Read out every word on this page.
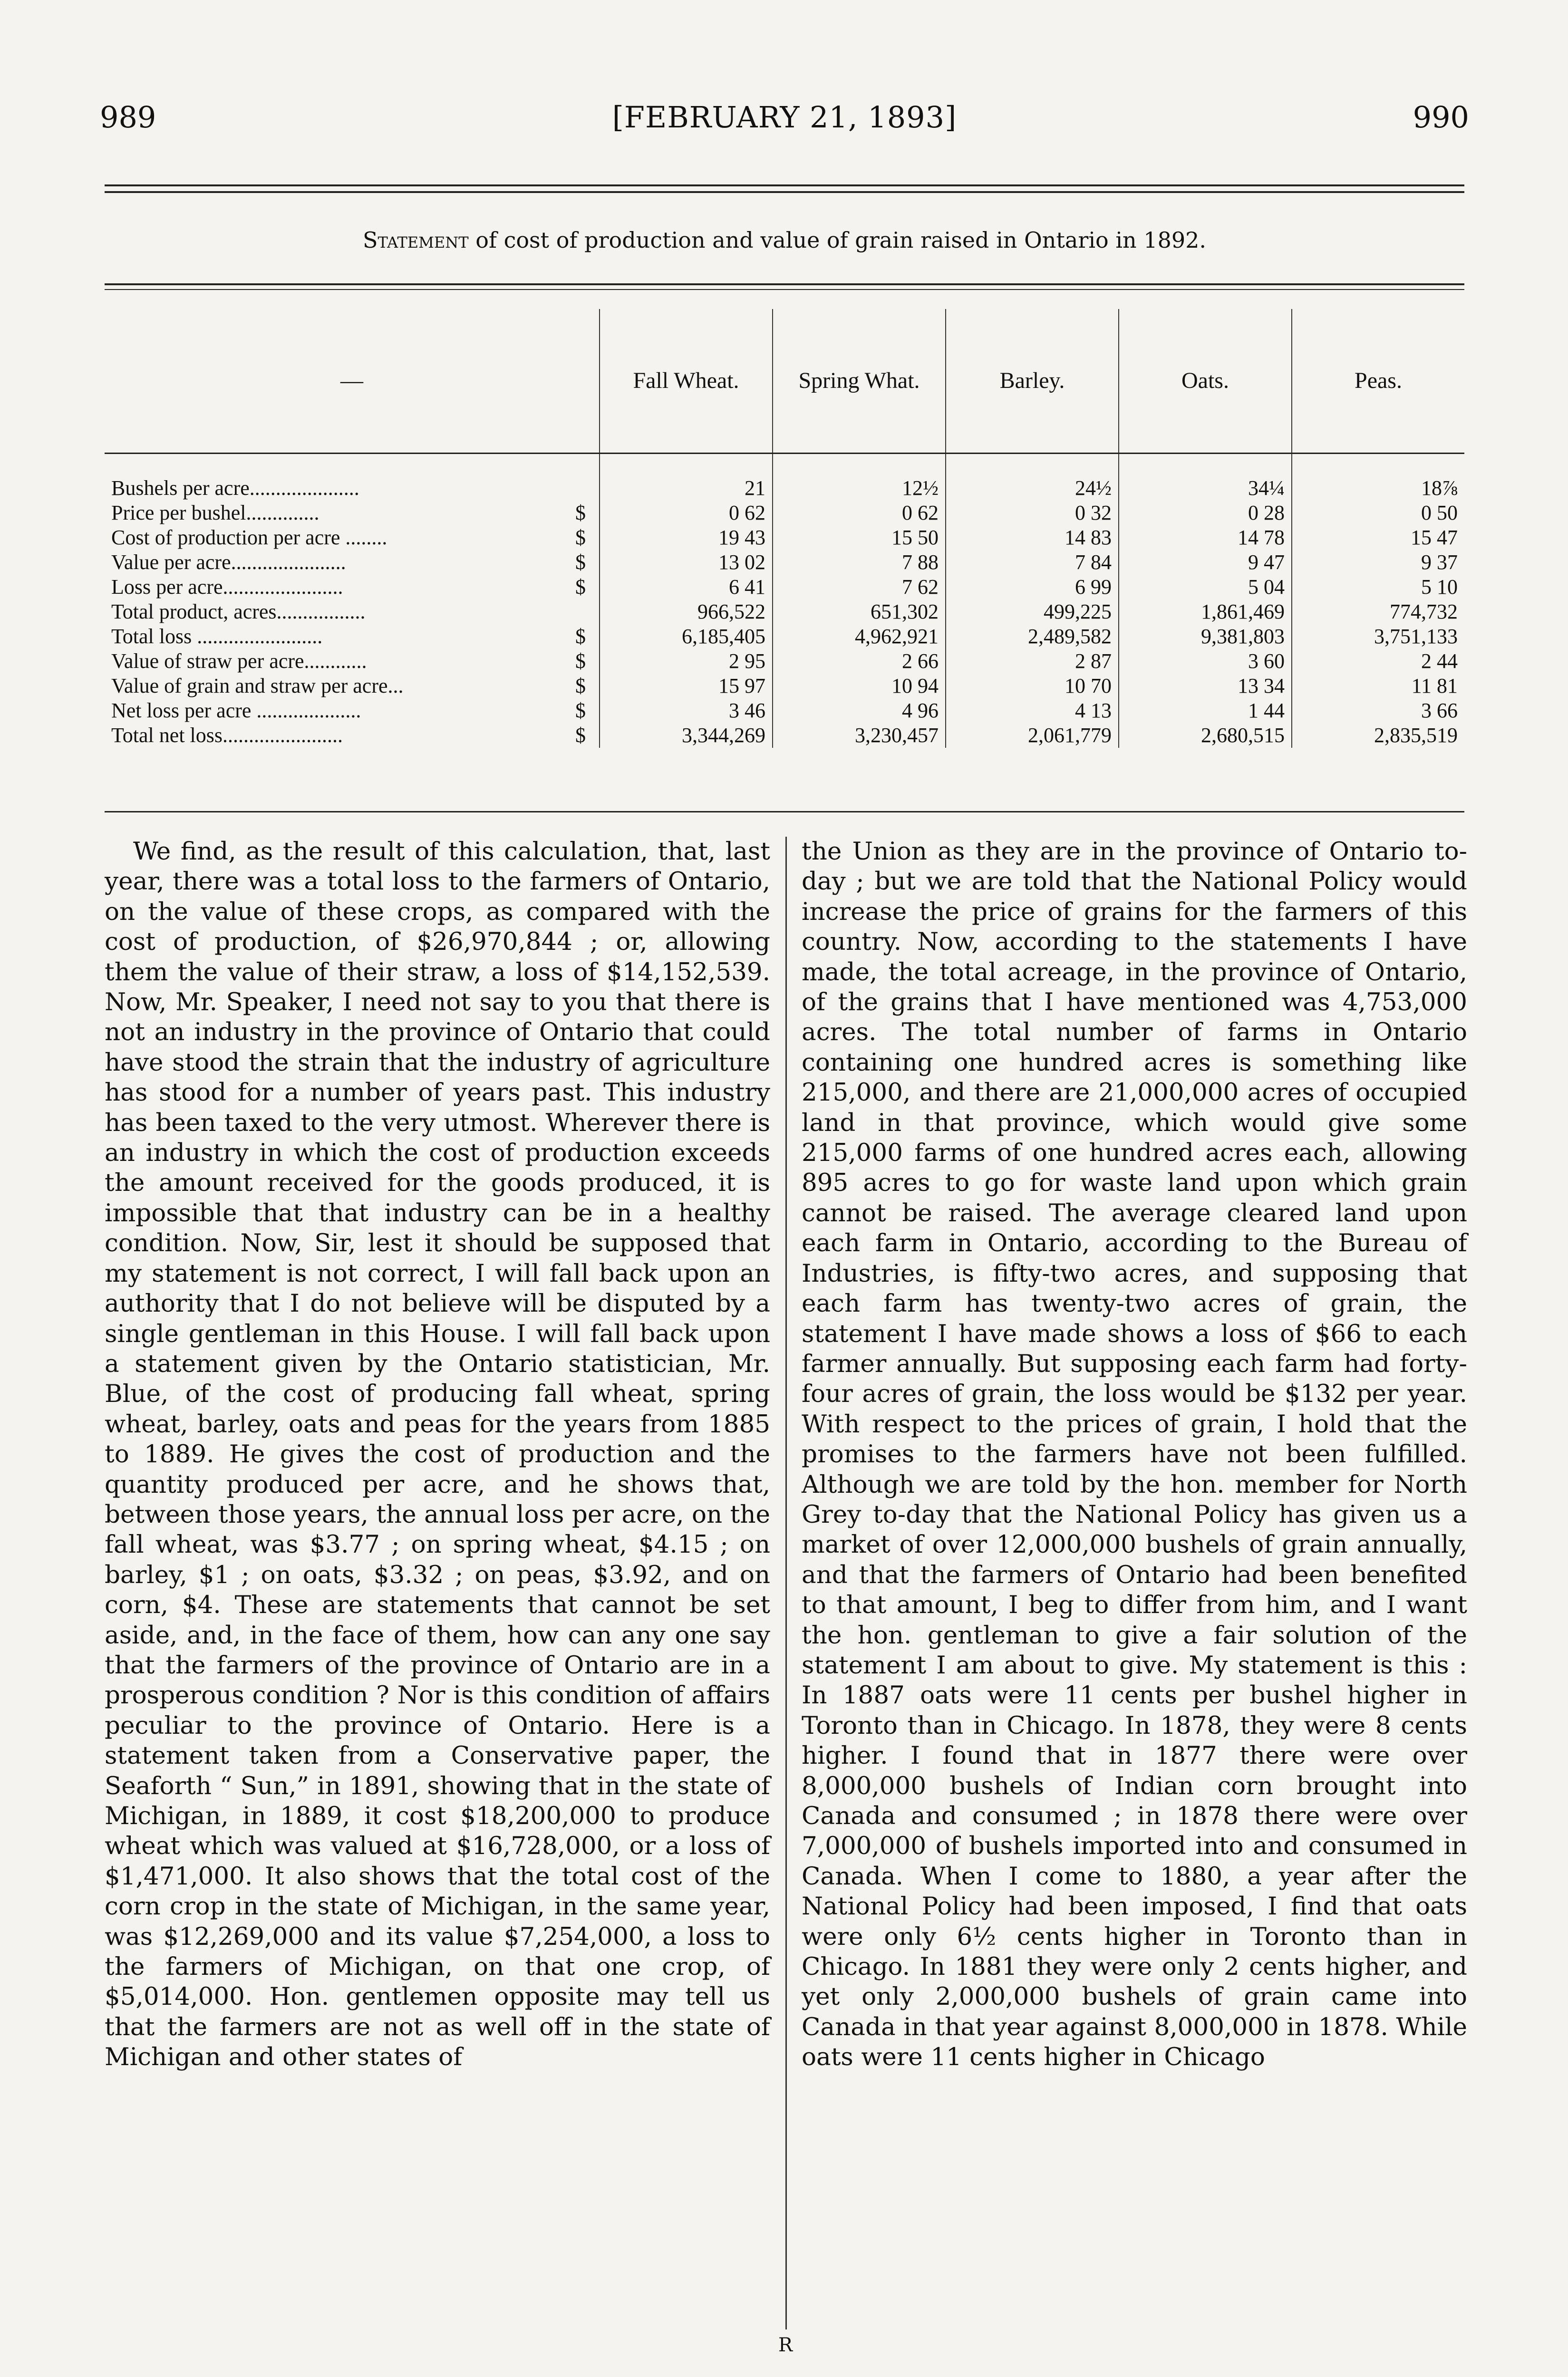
989	[FEBRUARY 21, 1893]	990
Statement of cost of production and value of grain raised in Ontario in 1892.
—		Fall Wheat.	Spring What.	Barley.	Oats.	Peas.
Bushels per acre.....................		21	12½	24½	34¼	18⅞
Price per bushel..............	$	0 62	0 62	0 32	0 28	0 50
Cost of production per acre ........	$	19 43	15 50	14 83	14 78	15 47
Value per acre......................	$	13 02	7 88	7 84	9 47	9 37
Loss per acre.......................	$	6 41	7 62	6 99	5 04	5 10
Total product, acres.................		966,522	651,302	499,225	1,861,469	774,732
Total loss ........................	$	6,185,405	4,962,921	2,489,582	9,381,803	3,751,133
Value of straw per acre............	$	2 95	2 66	2 87	3 60	2 44
Value of grain and straw per acre...	$	15 97	10 94	10 70	13 34	11 81
Net loss per acre ....................	$	3 46	4 96	4 13	1 44	3 66
Total net loss.......................	$	3,344,269	3,230,457	2,061,779	2,680,515	2,835,519

We find, as the result of this calculation, that, last year, there was a total loss to the farmers of Ontario, on the value of these crops, as compared with the cost of production, of $26,970,844 ; or, allowing them the value of their straw, a loss of $14,152,539. Now, Mr. Speaker, I need not say to you that there is not an industry in the province of Ontario that could have stood the strain that the industry of agriculture has stood for a number of years past. This industry has been taxed to the very utmost. Wherever there is an industry in which the cost of production exceeds the amount received for the goods produced, it is impossible that that industry can be in a healthy condition. Now, Sir, lest it should be supposed that my statement is not correct, I will fall back upon an authority that I do not believe will be disputed by a single gentleman in this House. I will fall back upon a statement given by the Ontario statistician, Mr. Blue, of the cost of producing fall wheat, spring wheat, barley, oats and peas for the years from 1885 to 1889. He gives the cost of production and the quantity produced per acre, and he shows that, between those years, the annual loss per acre, on the fall wheat, was $3.77 ; on spring wheat, $4.15 ; on barley, $1 ; on oats, $3.32 ; on peas, $3.92, and on corn, $4. These are statements that cannot be set aside, and, in the face of them, how can any one say that the farmers of the province of Ontario are in a prosperous condition ? Nor is this condition of affairs peculiar to the province of Ontario. Here is a statement taken from a Conservative paper, the Seaforth “ Sun,” in 1891, showing that in the state of Michigan, in 1889, it cost $18,200,000 to produce wheat which was valued at $16,728,000, or a loss of $1,471,000. It also shows that the total cost of the corn crop in the state of Michigan, in the same year, was $12,269,000 and its value $7,254,000, a loss to the farmers of Michigan, on that one crop, of $5,014,000. Hon. gentlemen opposite may tell us that the farmers are not as well off in the state of Michigan and other states of

the Union as they are in the province of Ontario to-day ; but we are told that the National Policy would increase the price of grains for the farmers of this country. Now, according to the statements I have made, the total acreage, in the province of Ontario, of the grains that I have mentioned was 4,753,000 acres. The total number of farms in Ontario containing one hundred acres is something like 215,000, and there are 21,000,000 acres of occupied land in that province, which would give some 215,000 farms of one hundred acres each, allowing 895 acres to go for waste land upon which grain cannot be raised. The average cleared land upon each farm in Ontario, according to the Bureau of Industries, is fifty-two acres, and supposing that each farm has twenty-two acres of grain, the statement I have made shows a loss of $66 to each farmer annually. But supposing each farm had forty-four acres of grain, the loss would be $132 per year. With respect to the prices of grain, I hold that the promises to the farmers have not been fulfilled. Although we are told by the hon. member for North Grey to-day that the National Policy has given us a market of over 12,000,000 bushels of grain annually, and that the farmers of Ontario had been benefited to that amount, I beg to differ from him, and I want the hon. gentleman to give a fair solution of the statement I am about to give. My statement is this : In 1887 oats were 11 cents per bushel higher in Toronto than in Chicago. In 1878, they were 8 cents higher. I found that in 1877 there were over 8,000,000 bushels of Indian corn brought into Canada and consumed ; in 1878 there were over 7,000,000 of bushels imported into and consumed in Canada. When I come to 1880, a year after the National Policy had been imposed, I find that oats were only 6½ cents higher in Toronto than in Chicago. In 1881 they were only 2 cents higher, and yet only 2,000,000 bushels of grain came into Canada in that year against 8,000,000 in 1878. While oats were 11 cents higher in Chicago

R
